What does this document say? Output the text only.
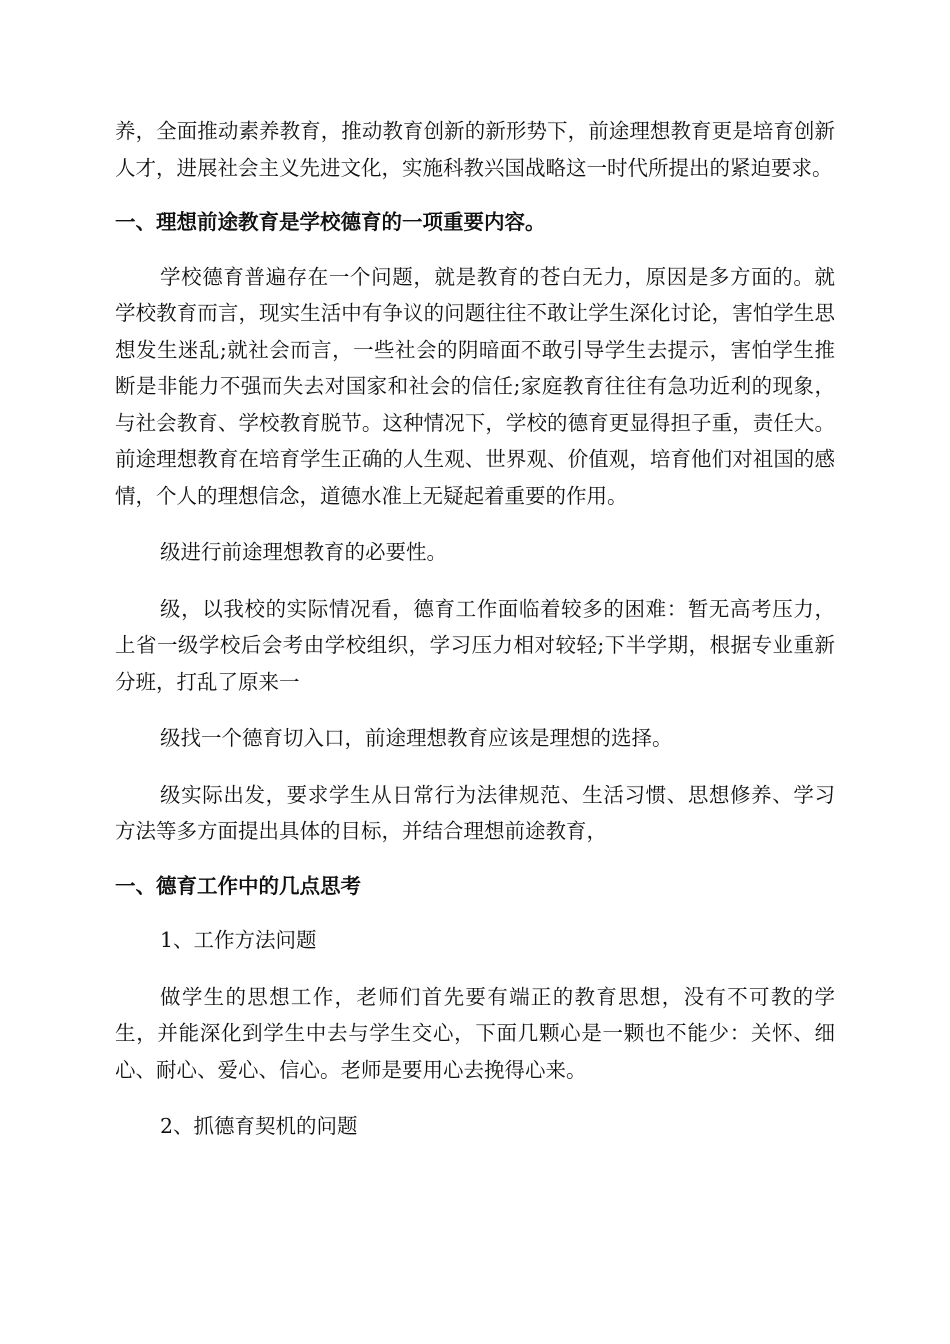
养，全面推动素养教育，推动教育创新的新形势下，前途理想教育更是培育创新人才，进展社会主义先进文化，实施科教兴国战略这一时代所提出的紧迫要求。

一、理想前途教育是学校德育的一项重要内容。

学校德育普遍存在一个问题，就是教育的苍白无力，原因是多方面的。就学校教育而言，现实生活中有争议的问题往往不敢让学生深化讨论，害怕学生思想发生迷乱;就社会而言，一些社会的阴暗面不敢引导学生去提示，害怕学生推断是非能力不强而失去对国家和社会的信任;家庭教育往往有急功近利的现象，与社会教育、学校教育脱节。这种情况下，学校的德育更显得担子重，责任大。前途理想教育在培育学生正确的人生观、世界观、价值观，培育他们对祖国的感情，个人的理想信念，道德水准上无疑起着重要的作用。

级进行前途理想教育的必要性。

级，以我校的实际情况看，德育工作面临着较多的困难：暂无高考压力，上省一级学校后会考由学校组织，学习压力相对较轻;下半学期，根据专业重新分班，打乱了原来一

级找一个德育切入口，前途理想教育应该是理想的选择。

级实际出发，要求学生从日常行为法律规范、生活习惯、思想修养、学习方法等多方面提出具体的目标，并结合理想前途教育，

一、德育工作中的几点思考

1、工作方法问题

做学生的思想工作，老师们首先要有端正的教育思想，没有不可教的学生，并能深化到学生中去与学生交心，下面几颗心是一颗也不能少：关怀、细心、耐心、爱心、信心。老师是要用心去挽得心来。

2、抓德育契机的问题
